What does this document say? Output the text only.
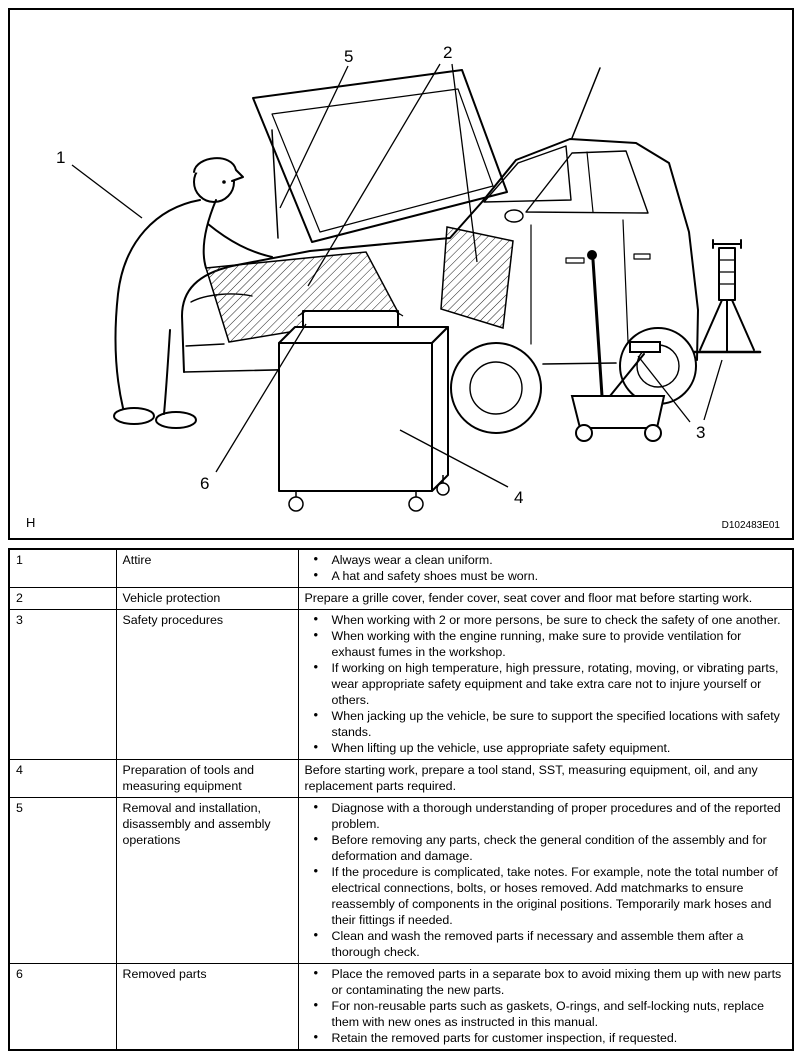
1
2
3
4
5
6
H	D102483E01
1	Attire	
•Always wear a clean uniform.
• A hat and safety shoes must be worn.

2	Vehicle protection	Prepare a grille cover, fender cover, seat cover and floor mat before starting work.

3	Safety procedures	
•When working with 2 or more persons, be sure to check the safety of one another.
• When working with the engine running, make sure to provide ventilation for exhaust fumes in the workshop.
• If working on high temperature, high pressure, rotating, moving, or vibrating parts, wear appropriate safety equipment and take extra care not to injure yourself or others.
• When jacking up the vehicle, be sure to support the specified locations with safety stands.
• When lifting up the vehicle, use appropriate safety equipment.

4	Preparation of tools and measuring equipment	Before starting work, prepare a tool stand, SST, measuring equipment, oil, and any replacement parts required.

5	Removal and installation, disassembly and assembly operations	
• Diagnose with a thorough understanding of proper procedures and of the reported problem.
• Before removing any parts, check the general condition of the assembly and for deformation and damage.
• If the procedure is complicated, take notes. For example, note the total number of electrical connections, bolts, or hoses removed. Add matchmarks to ensure reassembly of components in the original positions. Temporarily mark hoses and their fittings if needed.
• Clean and wash the removed parts if necessary and assemble them after a thorough check.

6	Removed parts	
•Place the removed parts in a separate box to avoid mixing them up with new parts or contaminating the new parts.
• For non-reusable parts such as gaskets, O-rings, and self-locking nuts, replace them with new ones as instructed in this manual.
• Retain the removed parts for customer inspection, if requested.
